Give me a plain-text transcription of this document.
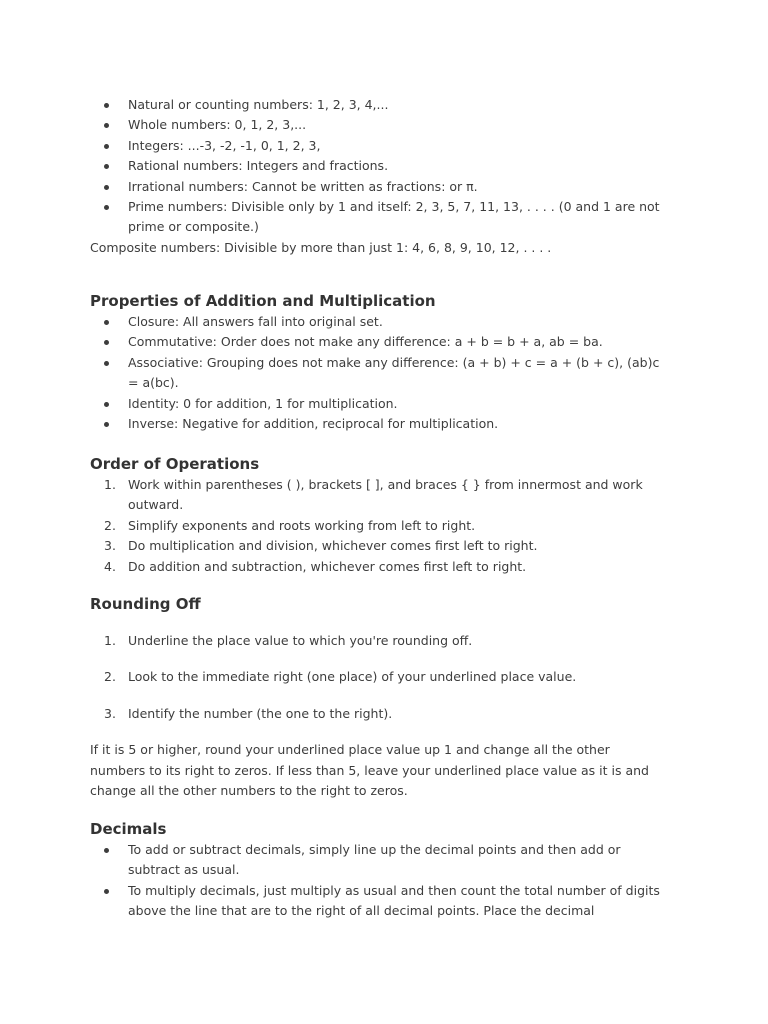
Natural or counting numbers: 1, 2, 3, 4,...
Whole numbers: 0, 1, 2, 3,...
Integers: ...-3, -2, -1, 0, 1, 2, 3,
Rational numbers: Integers and fractions.
Irrational numbers: Cannot be written as fractions: or π.
Prime numbers: Divisible only by 1 and itself: 2, 3, 5, 7, 11, 13, . . . . (0 and 1 are not prime or composite.)
Composite numbers: Divisible by more than just 1: 4, 6, 8, 9, 10, 12, . . . .
Properties of Addition and Multiplication
Closure: All answers fall into original set.
Commutative: Order does not make any difference: a + b = b + a, ab = ba.
Associative: Grouping does not make any difference: (a + b) + c = a + (b + c), (ab)c = a(bc).
Identity: 0 for addition, 1 for multiplication.
Inverse: Negative for addition, reciprocal for multiplication.
Order of Operations
1. Work within parentheses ( ), brackets [ ], and braces { } from innermost and work outward.
2. Simplify exponents and roots working from left to right.
3. Do multiplication and division, whichever comes first left to right.
4. Do addition and subtraction, whichever comes first left to right.
Rounding Off
1. Underline the place value to which you're rounding off.
2. Look to the immediate right (one place) of your underlined place value.
3. Identify the number (the one to the right).
If it is 5 or higher, round your underlined place value up 1 and change all the other numbers to its right to zeros. If less than 5, leave your underlined place value as it is and change all the other numbers to the right to zeros.
Decimals
To add or subtract decimals, simply line up the decimal points and then add or subtract as usual.
To multiply decimals, just multiply as usual and then count the total number of digits above the line that are to the right of all decimal points. Place the decimal
